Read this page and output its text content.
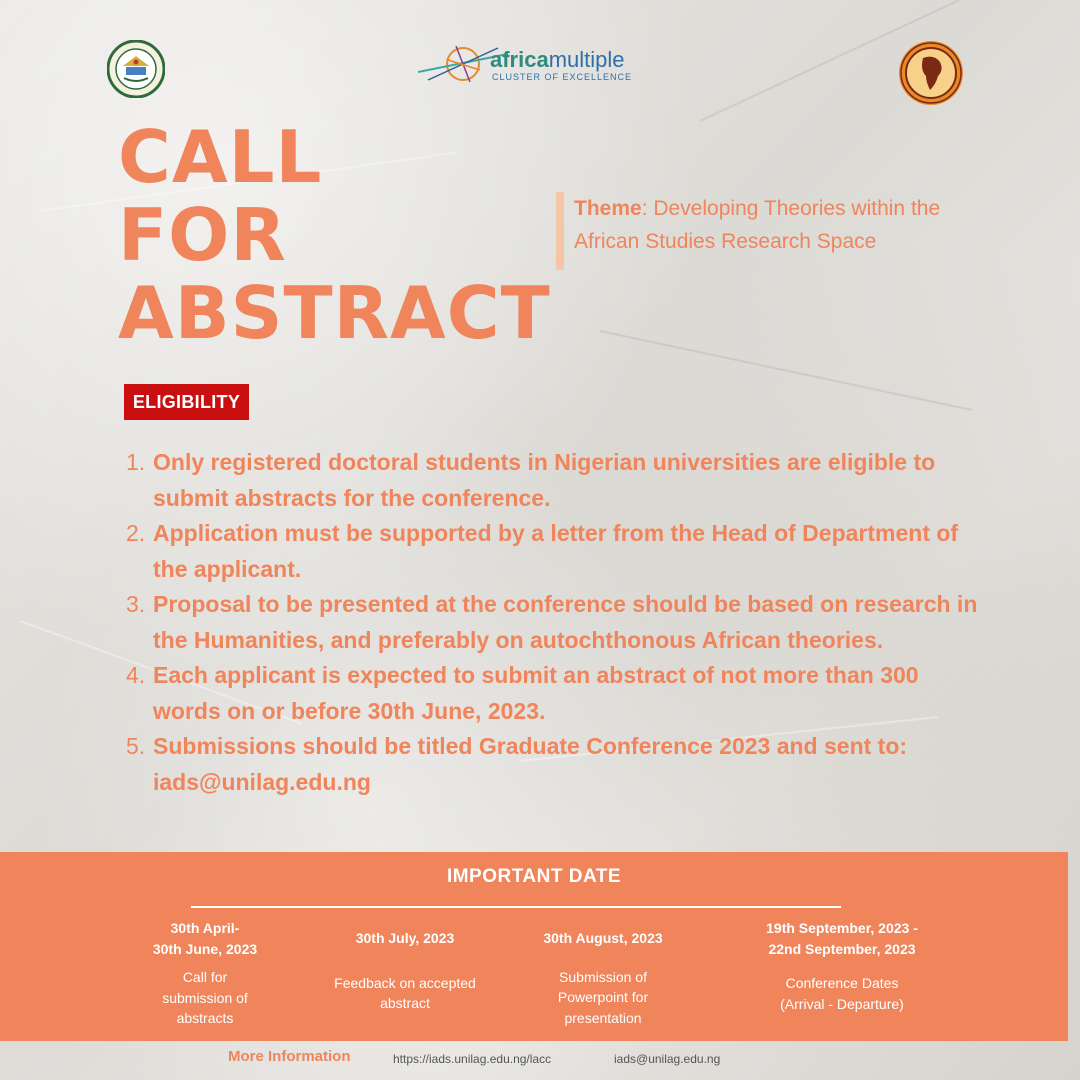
africamultiple
CLUSTER OF EXCELLENCE
CALL
FOR
ABSTRACT
Theme: Developing Theories within the African Studies Research Space
ELIGIBILITY
1. Only registered doctoral students in Nigerian universities are eligible to submit abstracts for the conference.
2. Application must be supported by a letter from the Head of Department of the applicant.
3. Proposal to be presented at the conference should be based on research in the Humanities, and preferably on autochthonous African theories.
4. Each applicant is expected to submit an abstract of not more than 300 words on or before 30th June, 2023.
5. Submissions should be titled Graduate Conference 2023 and sent to: iads@unilag.edu.ng
IMPORTANT DATE
30th April-
30th June, 2023
Call for
submission of
abstracts
30th July, 2023
Feedback on accepted
abstract
30th August, 2023
Submission of
Powerpoint for
presentation
19th September, 2023 -
22nd September, 2023
Conference Dates
(Arrival - Departure)
More Information	https://iads.unilag.edu.ng/lacc	iads@unilag.edu.ng
